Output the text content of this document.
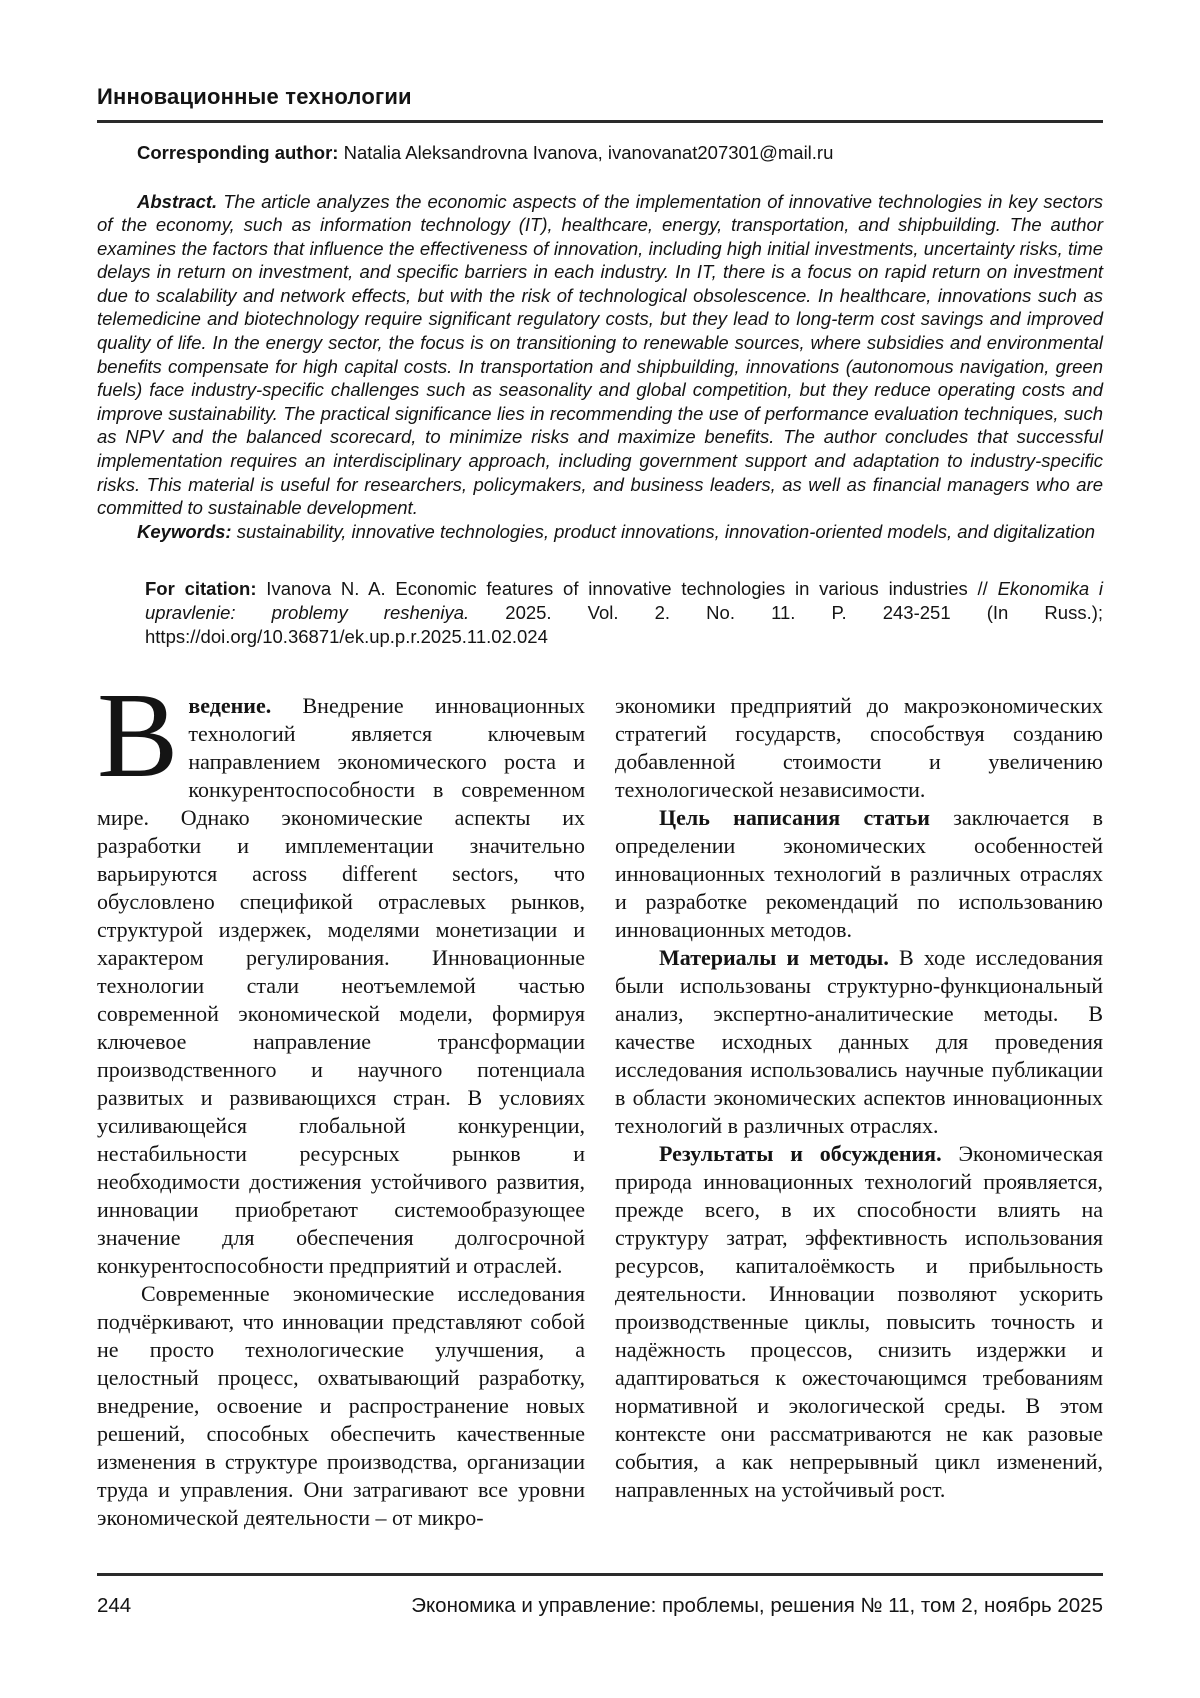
Инновационные технологии

Corresponding author: Natalia Aleksandrovna Ivanova, ivanovanat207301@mail.ru

Abstract. The article analyzes the economic aspects of the implementation of innovative technologies in key sectors of the economy, such as information technology (IT), healthcare, energy, transportation, and shipbuilding. The author examines the factors that influence the effectiveness of innovation, including high initial investments, uncertainty risks, time delays in return on investment, and specific barriers in each industry. In IT, there is a focus on rapid return on investment due to scalability and network effects, but with the risk of technological obsolescence. In healthcare, innovations such as telemedicine and biotechnology require significant regulatory costs, but they lead to long-term cost savings and improved quality of life. In the energy sector, the focus is on transitioning to renewable sources, where subsidies and environmental benefits compensate for high capital costs. In transportation and shipbuilding, innovations (autonomous navigation, green fuels) face industry-specific challenges such as seasonality and global competition, but they reduce operating costs and improve sustainability. The practical significance lies in recommending the use of performance evaluation techniques, such as NPV and the balanced scorecard, to minimize risks and maximize benefits. The author concludes that successful implementation requires an interdisciplinary approach, including government support and adaptation to industry-specific risks. This material is useful for researchers, policymakers, and business leaders, as well as financial managers who are committed to sustainable development.

Keywords: sustainability, innovative technologies, product innovations, innovation-oriented models, and digitalization

For citation: Ivanova N. A. Economic features of innovative technologies in various industries // Ekonomika i upravlenie: problemy resheniya. 2025. Vol. 2. No. 11. P. 243-251 (In Russ.); https://doi.org/10.36871/ek.up.p.r.2025.11.02.024

Введение. Внедрение инновационных технологий является ключевым направлением экономического роста и конкурентоспособности в современном мире. Однако экономические аспекты их разработки и имплементации значительно варьируются across different sectors, что обусловлено спецификой отраслевых рынков, структурой издержек, моделями монетизации и характером регулирования. Инновационные технологии стали неотъемлемой частью современной экономической модели, формируя ключевое направление трансформации производственного и научного потенциала развитых и развивающихся стран. В условиях усиливающейся глобальной конкуренции, нестабильности ресурсных рынков и необходимости достижения устойчивого развития, инновации приобретают системообразующее значение для обеспечения долгосрочной конкурентоспособности предприятий и отраслей.

Современные экономические исследования подчёркивают, что инновации представляют собой не просто технологические улучшения, а целостный процесс, охватывающий разработку, внедрение, освоение и распространение новых решений, способных обеспечить качественные изменения в структуре производства, организации труда и управления. Они затрагивают все уровни экономической деятельности – от микро-

экономики предприятий до макроэкономических стратегий государств, способствуя созданию добавленной стоимости и увеличению технологической независимости.

Цель написания статьи заключается в определении экономических особенностей инновационных технологий в различных отраслях и разработке рекомендаций по использованию инновационных методов.

Материалы и методы. В ходе исследования были использованы структурно-функциональный анализ, экспертно-аналитические методы. В качестве исходных данных для проведения исследования использовались научные публикации в области экономических аспектов инновационных технологий в различных отраслях.

Результаты и обсуждения. Экономическая природа инновационных технологий проявляется, прежде всего, в их способности влиять на структуру затрат, эффективность использования ресурсов, капиталоёмкость и прибыльность деятельности. Инновации позволяют ускорить производственные циклы, повысить точность и надёжность процессов, снизить издержки и адаптироваться к ожесточающимся требованиям нормативной и экологической среды. В этом контексте они рассматриваются не как разовые события, а как непрерывный цикл изменений, направленных на устойчивый рост.

244	Экономика и управление: проблемы, решения № 11, том 2, ноябрь 2025
